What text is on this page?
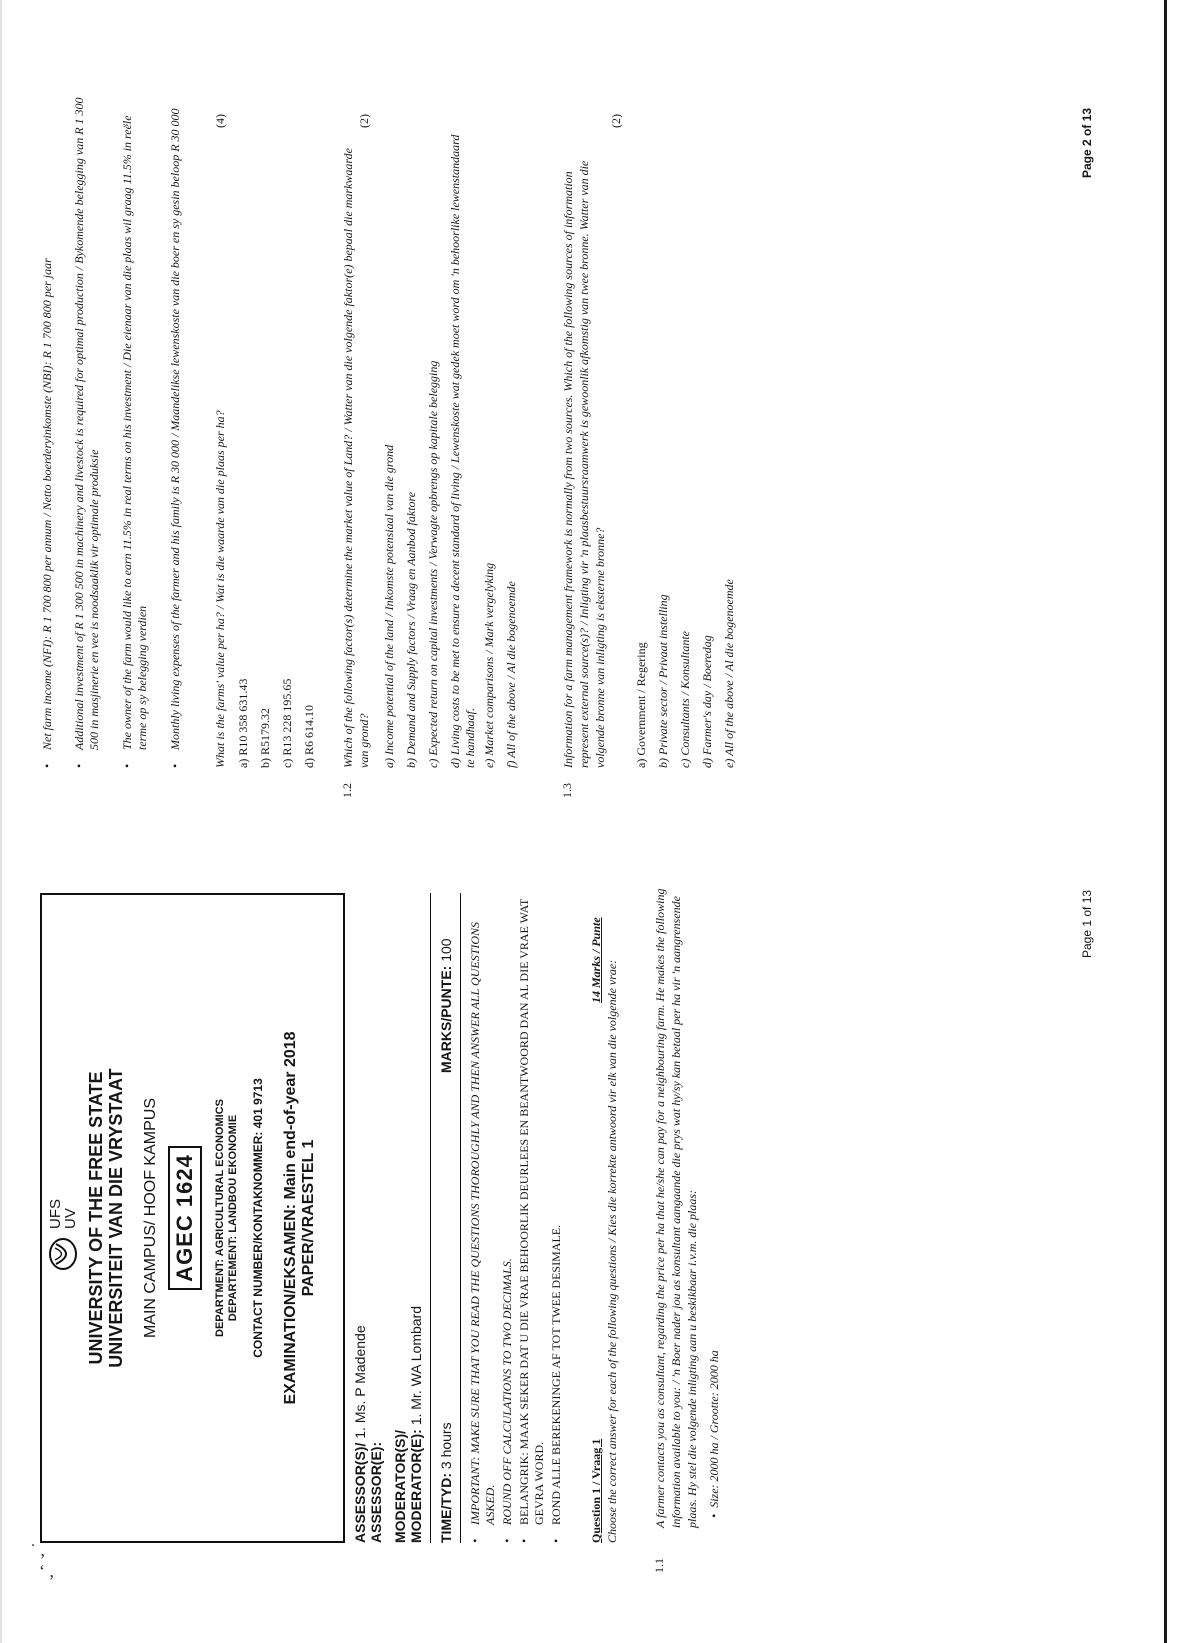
˙ ,
‘ ,
UFS
UV UNIVERSITY OF THE FREE STATE UNIVERSITEIT VAN DIE VRYSTAAT MAIN CAMPUS/ HOOF KAMPUS AGEC 1624	DEPARTMENT: AGRICULTURAL ECONOMICS DEPARTEMENT: LANDBOU EKONOMIE CONTACT NUMBER/KONTAKNOMMER: 401 9713 EXAMINATION/EKSAMEN: Main end-of-year 2018 PAPER/VRAESTEL 1
ASSESSOR(S)/ 1. Ms. P Madende
ASSESSOR(E): MODERATOR(S)/
MODERATOR(E): 1. Mr. WA Lombard
TIME/TYD: 3 hours
MARKS/PUNTE: 100
•
IMPORTANT: MAKE SURE THAT YOU READ THE QUESTIONS THOROUGHLY AND THEN ANSWER ALL QUESTIONS ASKED.
•
ROUND OFF CALCULATIONS TO TWO DECIMALS.
•
BELANGRIK: MAAK SEKER DAT U DIE VRAE BEHOORLIK DEURLEES EN BEANTWOORD DAN AL DIE VRAE WAT GEVRA WORD.
•
ROND ALLE BEREKENINGE AF TOT TWEE DESIMALE. Question 1 / Vraag 1
14 Marks / Punte Choose the correct answer for each of the following questions / Kies die korrekte antwoord vir elk van die volgende vrae:
1.1
A farmer contacts you as consultant, regarding the price per ha that he/she can pay for a neighbouring farm. He makes the following information available to you: / 'n Boer nader jou as konsultant aangaande die prys wat hy/sy kan betaal per ha vir 'n aangrensende plaas. Hy stel die volgende inligting aan u beskikbaar i.v.m. die plaas: •  Size: 2000 ha / Grootte: 2000 ha
Page 1 of 13
•
Net farm income (NFI): R 1 700 800 per annum / Netto boerderyinkomste (NBI): R 1 700 800 per jaar
•
Additional investment of R 1 300 500 in machinery and livestock is required for optimal production / Bykomende belegging van R 1 300 500 in masjinerie en vee is noodsaaklik vir optimale produksie
•
The owner of the farm would like to earn 11.5% in real terms on his investment / Die eienaar van die plaas wil graag 11.5% in reële terme op sy belegging verdien
•
Monthly living expenses of the farmer and his family is R 30 000 / Maandelikse lewenskoste van die boer en sy gesin beloop R 30 000	What is the farms' value per ha? / Wat is die waarde van die plaas per ha?
(4)
a) R10 358 631.43 b) R5179.32 c) R13 228 195.65 d) R6 614.10
1.2
Which of the following factor(s) determine the market value of Land? / Watter van die volgende faktor(e) bepaal die markwaarde van grond?
(2)
a) Income potential of the land / Inkomste potensiaal van die grond b) Demand and Supply factors / Vraag en Aanbod faktore c) Expected return on capital investments / Verwagte opbrengs op kapitale belegging d) Living costs to be met to ensure a decent standard of living / Lewenskoste wat gedek moet word om 'n behoorlike lewenstandaard te handhaaf. e) Market comparisons / Mark vergelyking f) All of the above / Al die bogenoemde
1.3
Information for a farm management framework is normally from two sources. Which of the following sources of information represent external source(s)? / Inligting vir 'n plaasbestuursraamwerk is gewoonlik afkomstig van twee bronne. Watter van die volgende bronne van inligting is eksterne bronne?
(2)
a) Government / Regering b) Private sector / Privaat instelling c) Consultants / Konsultante d) Farmer's day / Boeredag e) All of the above / Al die bogenoemde
Page 2 of 13
